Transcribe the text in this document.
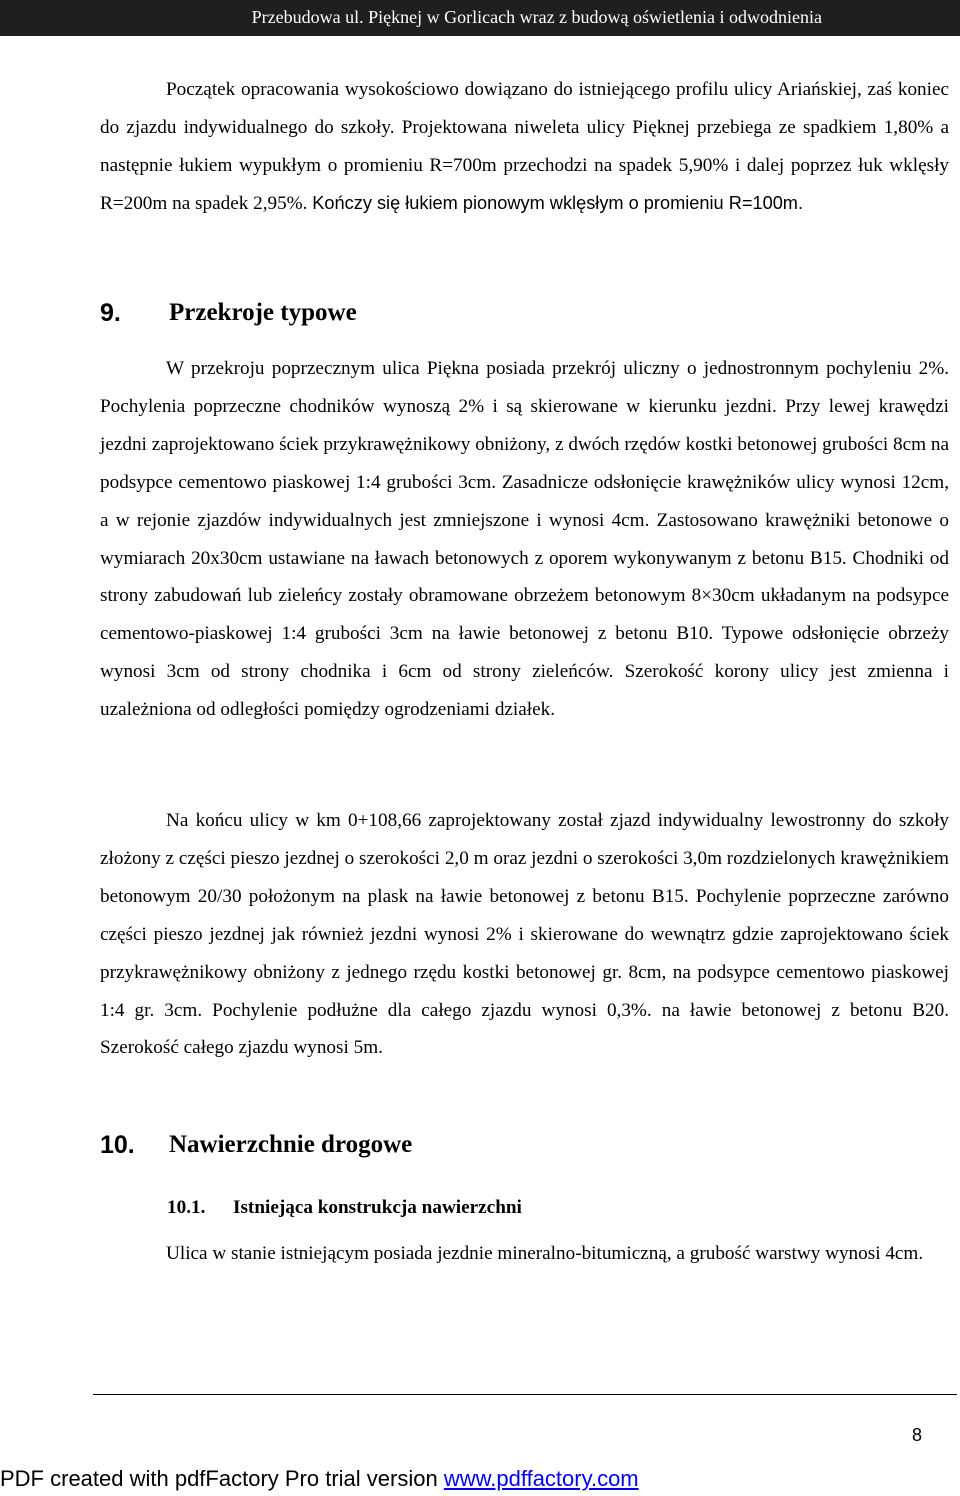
Przebudowa ul. Pięknej w Gorlicach wraz z budową oświetlenia i odwodnienia

Początek opracowania wysokościowo dowiązano do istniejącego profilu ulicy Ariańskiej, zaś koniec do zjazdu indywidualnego do szkoły. Projektowana niweleta ulicy Pięknej przebiega ze spadkiem 1,80% a następnie łukiem wypukłym o promieniu R=700m przechodzi na spadek 5,90% i dalej poprzez łuk wklęsły R=200m na spadek 2,95%. Kończy się łukiem pionowym wklęsłym o promieniu R=100m.

9. Przekroje typowe

W przekroju poprzecznym ulica Piękna posiada przekrój uliczny o jednostronnym pochyleniu 2%. Pochylenia poprzeczne chodników wynoszą 2% i są skierowane w kierunku jezdni. Przy lewej krawędzi jezdni zaprojektowano ściek przykrawężnikowy obniżony, z dwóch rzędów kostki betonowej grubości 8cm na podsypce cementowo piaskowej 1:4 grubości 3cm. Zasadnicze odsłonięcie krawężników ulicy wynosi 12cm, a w rejonie zjazdów indywidualnych jest zmniejszone i wynosi 4cm. Zastosowano krawężniki betonowe o wymiarach 20x30cm ustawiane na ławach betonowych z oporem wykonywanym z betonu B15. Chodniki od strony zabudowań lub zieleńcy zostały obramowane obrzeżem betonowym 8×30cm układanym na podsypce cementowo-piaskowej 1:4 grubości 3cm na ławie betonowej z betonu B10. Typowe odsłonięcie obrzeży wynosi 3cm od strony chodnika i 6cm od strony zieleńców. Szerokość korony ulicy jest zmienna i uzależniona od odległości pomiędzy ogrodzeniami działek.

Na końcu ulicy w km 0+108,66 zaprojektowany został zjazd indywidualny lewostronny do szkoły złożony z części pieszo jezdnej o szerokości 2,0 m oraz jezdni o szerokości 3,0m rozdzielonych krawężnikiem betonowym 20/30 położonym na plask na ławie betonowej z betonu B15. Pochylenie poprzeczne zarówno części pieszo jezdnej jak również jezdni wynosi 2% i skierowane do wewnątrz gdzie zaprojektowano ściek przykrawężnikowy obniżony z jednego rzędu kostki betonowej gr. 8cm, na podsypce cementowo piaskowej 1:4 gr. 3cm. Pochylenie podłużne dla całego zjazdu wynosi 0,3%. na ławie betonowej z betonu B20. Szerokość całego zjazdu wynosi 5m.

10. Nawierzchnie drogowe
10.1. Istniejąca konstrukcja nawierzchni

Ulica w stanie istniejącym posiada jezdnie mineralno-bitumiczną, a grubość warstwy wynosi 4cm.

8
PDF created with pdfFactory Pro trial version www.pdffactory.com
